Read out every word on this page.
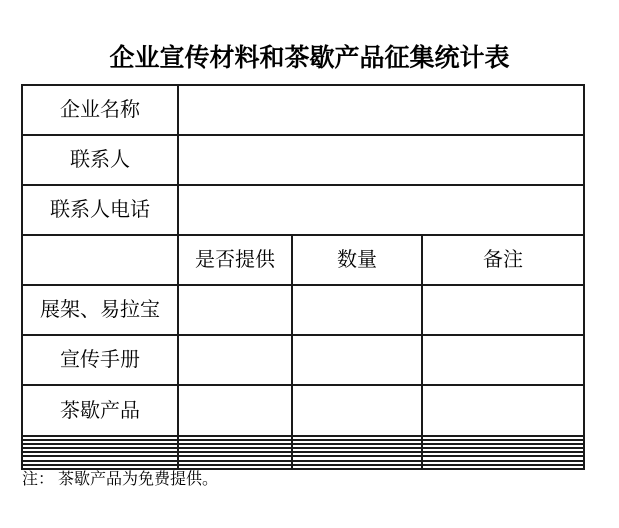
企业宣传材料和茶歇产品征集统计表
企业名称			
联系人			
联系人电话			
	是否提供	数量	备注
展架、易拉宝			
宣传手册			
茶歇产品			

注： 茶歇产品为免费提供。
